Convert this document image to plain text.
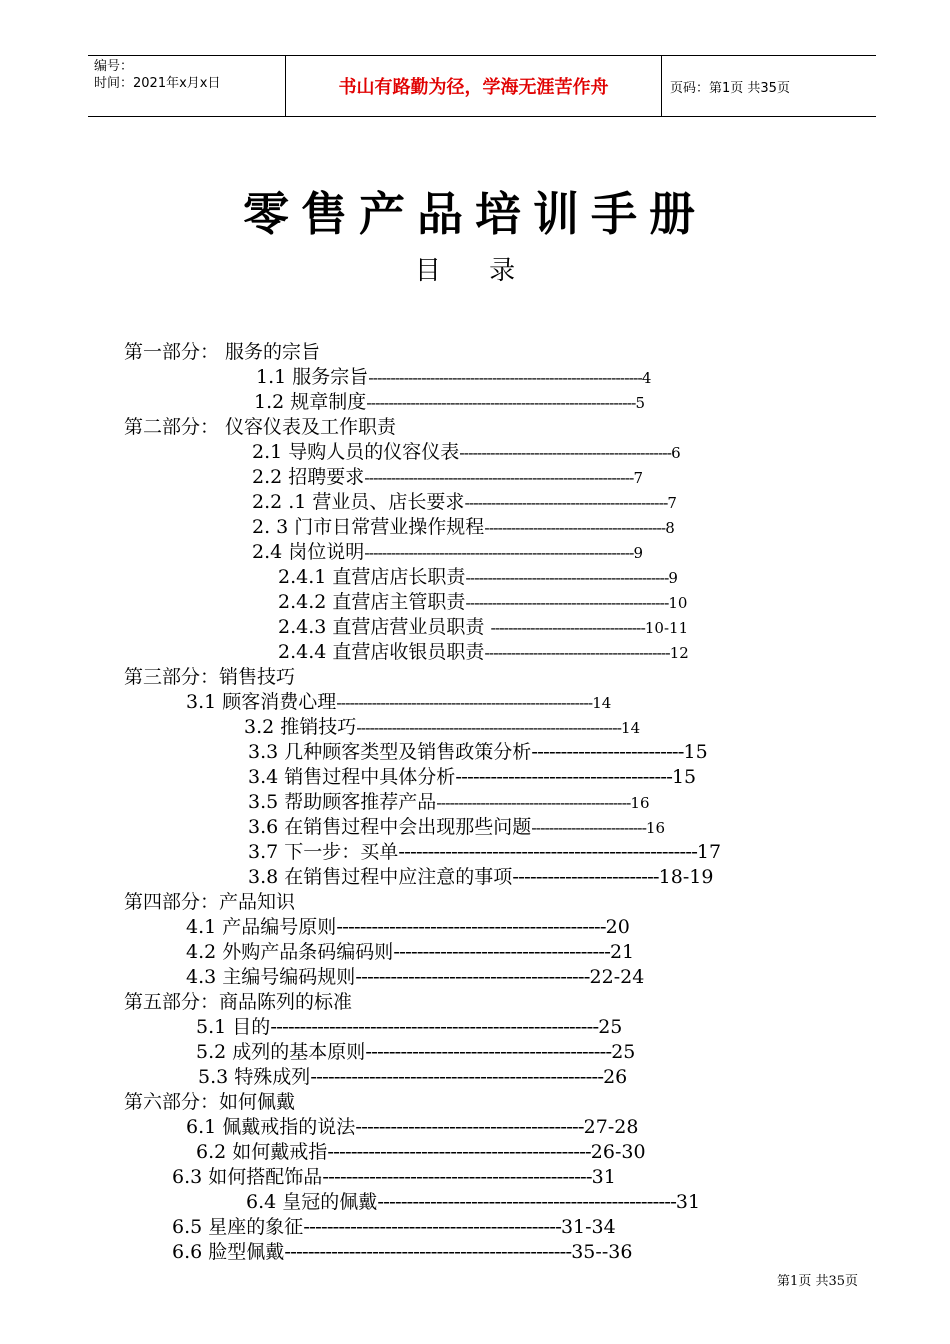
编号：
时间：2021年x月x日	书山有路勤为径，学海无涯苦作舟	页码：第1页 共35页
零售产品培训手册
目 录
第一部分： 服务的宗旨
1.1 服务宗旨--------------------------------------------------------------4
1.2 规章制度-------------------------------------------------------------5
第二部分： 仪容仪表及工作职责
2.1 导购人员的仪容仪表------------------------------------------------6
2.2 招聘要求-------------------------------------------------------------7
2.2 .1 营业员、店长要求----------------------------------------------7
2. 3 门市日常营业操作规程-----------------------------------------8
2.4 岗位说明-------------------------------------------------------------9
2.4.1 直营店店长职责----------------------------------------------9
2.4.2 直营店主管职责----------------------------------------------10
2.4.3 直营店营业员职责 -----------------------------------10-11
2.4.4 直营店收银员职责------------------------------------------12
第三部分：销售技巧
3.1 顾客消费心理----------------------------------------------------------14
3.2 推销技巧------------------------------------------------------------14
3.3 几种顾客类型及销售政策分析--------------------------15
3.4 销售过程中具体分析-------------------------------------15
3.5 帮助顾客推荐产品--------------------------------------------16
3.6 在销售过程中会出现那些问题--------------------------16
3.7 下一步：买单---------------------------------------------------17
3.8 在销售过程中应注意的事项-------------------------18-19
第四部分：产品知识
4.1 产品编号原则----------------------------------------------20
4.2 外购产品条码编码则-------------------------------------21
4.3 主编号编码规则----------------------------------------22-24
第五部分：商品陈列的标准
5.1 目的--------------------------------------------------------25
5.2 成列的基本原则------------------------------------------25
5.3 特殊成列--------------------------------------------------26
第六部分：如何佩戴
6.1 佩戴戒指的说法---------------------------------------27-28
6.2 如何戴戒指---------------------------------------------26-30
6.3 如何搭配饰品----------------------------------------------31
6.4 皇冠的佩戴---------------------------------------------------31
6.5 星座的象征--------------------------------------------31-34
6.6 脸型佩戴-------------------------------------------------35--36
第1页 共35页
